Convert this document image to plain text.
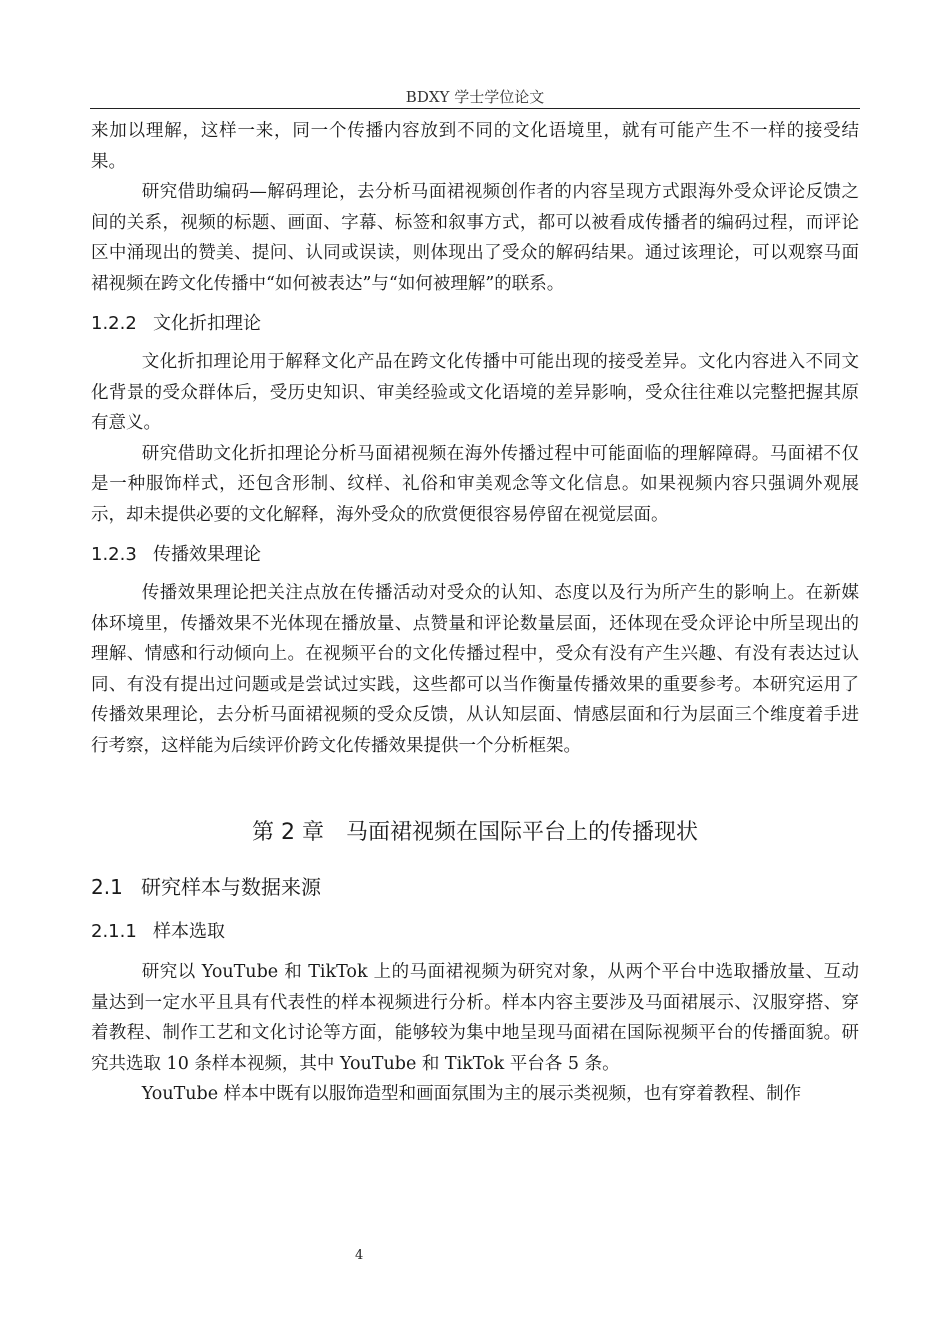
BDXY 学士学位论文

来加以理解，这样一来，同一个传播内容放到不同的文化语境里，就有可能产生不一样的接受结果。

研究借助编码—解码理论，去分析马面裙视频创作者的内容呈现方式跟海外受众评论反馈之间的关系，视频的标题、画面、字幕、标签和叙事方式，都可以被看成传播者的编码过程，而评论区中涌现出的赞美、提问、认同或误读，则体现出了受众的解码结果。通过该理论，可以观察马面裙视频在跨文化传播中“如何被表达”与“如何被理解”的联系。

1.2.2 文化折扣理论

文化折扣理论用于解释文化产品在跨文化传播中可能出现的接受差异。文化内容进入不同文化背景的受众群体后，受历史知识、审美经验或文化语境的差异影响，受众往往难以完整把握其原有意义。

研究借助文化折扣理论分析马面裙视频在海外传播过程中可能面临的理解障碍。马面裙不仅是一种服饰样式，还包含形制、纹样、礼俗和审美观念等文化信息。如果视频内容只强调外观展示，却未提供必要的文化解释，海外受众的欣赏便很容易停留在视觉层面。

1.2.3 传播效果理论

传播效果理论把关注点放在传播活动对受众的认知、态度以及行为所产生的影响上。在新媒体环境里，传播效果不光体现在播放量、点赞量和评论数量层面，还体现在受众评论中所呈现出的理解、情感和行动倾向上。在视频平台的文化传播过程中，受众有没有产生兴趣、有没有表达过认同、有没有提出过问题或是尝试过实践，这些都可以当作衡量传播效果的重要参考。本研究运用了传播效果理论，去分析马面裙视频的受众反馈，从认知层面、情感层面和行为层面三个维度着手进行考察，这样能为后续评价跨文化传播效果提供一个分析框架。

第 2 章　马面裙视频在国际平台上的传播现状
2.1 研究样本与数据来源
2.1.1 样本选取

研究以 YouTube 和 TikTok 上的马面裙视频为研究对象，从两个平台中选取播放量、互动量达到一定水平且具有代表性的样本视频进行分析。样本内容主要涉及马面裙展示、汉服穿搭、穿着教程、制作工艺和文化讨论等方面，能够较为集中地呈现马面裙在国际视频平台的传播面貌。研究共选取 10 条样本视频，其中 YouTube 和 TikTok 平台各 5 条。

YouTube 样本中既有以服饰造型和画面氛围为主的展示类视频，也有穿着教程、制作

4
